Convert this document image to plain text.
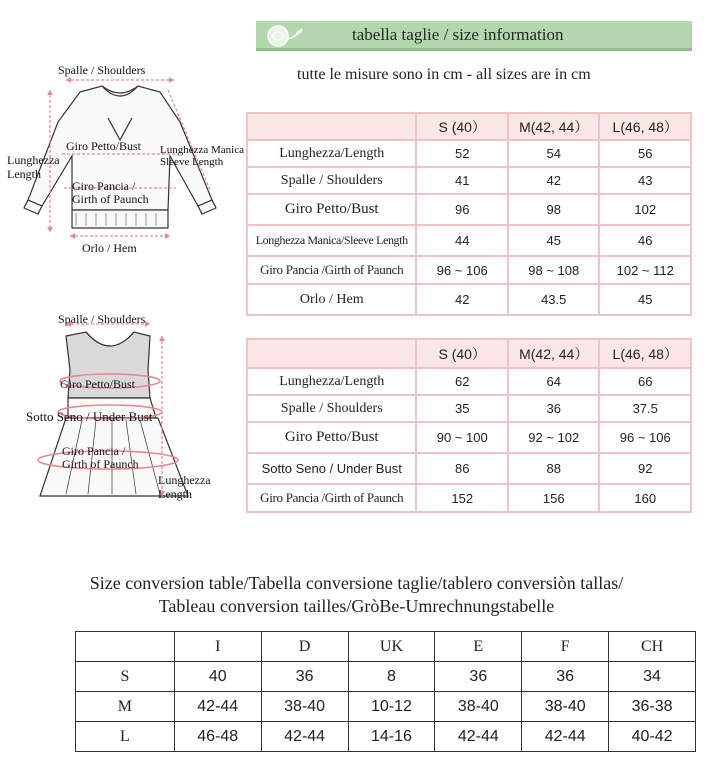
tabella taglie / size information
tutte le misure sono in cm - all sizes are in cm
Spalle / Shoulders
Giro Petto/Bust Lunghezza Manica
Sleeve Length
Lunghezza
Length
Giro Pancia /
Girth of Paunch
Orlo / Hem
Spalle / Shoulders
Giro Petto/Bust
Sotto Seno / Under Bust
Giro Pancia /
Girth of Paunch
Lunghezza
Length
	S (40）	M(42, 44）	L(46, 48）
Lunghezza/Length	52	54	56
Spalle / Shoulders	41	42	43
Giro Petto/Bust	96	98	102
Longhezza Manica/Sleeve Length	44	45	46
Giro Pancia /Girth of Paunch	96 ~ 106	98 ~ 108	102 ~ 112
Orlo / Hem	42	43.5	45
	S (40）	M(42, 44）	L(46, 48）
Lunghezza/Length	62	64	66
Spalle / Shoulders	35	36	37.5
Giro Petto/Bust	90 ~ 100	92 ~ 102	96 ~ 106
Sotto Seno / Under Bust	86	88	92
Giro Pancia /Girth of Paunch	152	156	160
Size conversion table/Tabella conversione taglie/tablero conversiòn tallas/
Tableau conversion tailles/GròBe-Umrechnungstabelle
	I	D	UK	E	F	CH
S	40	36	8	36	36	34
M	42-44	38-40	10-12	38-40	38-40	36-38
L	46-48	42-44	14-16	42-44	42-44	40-42
